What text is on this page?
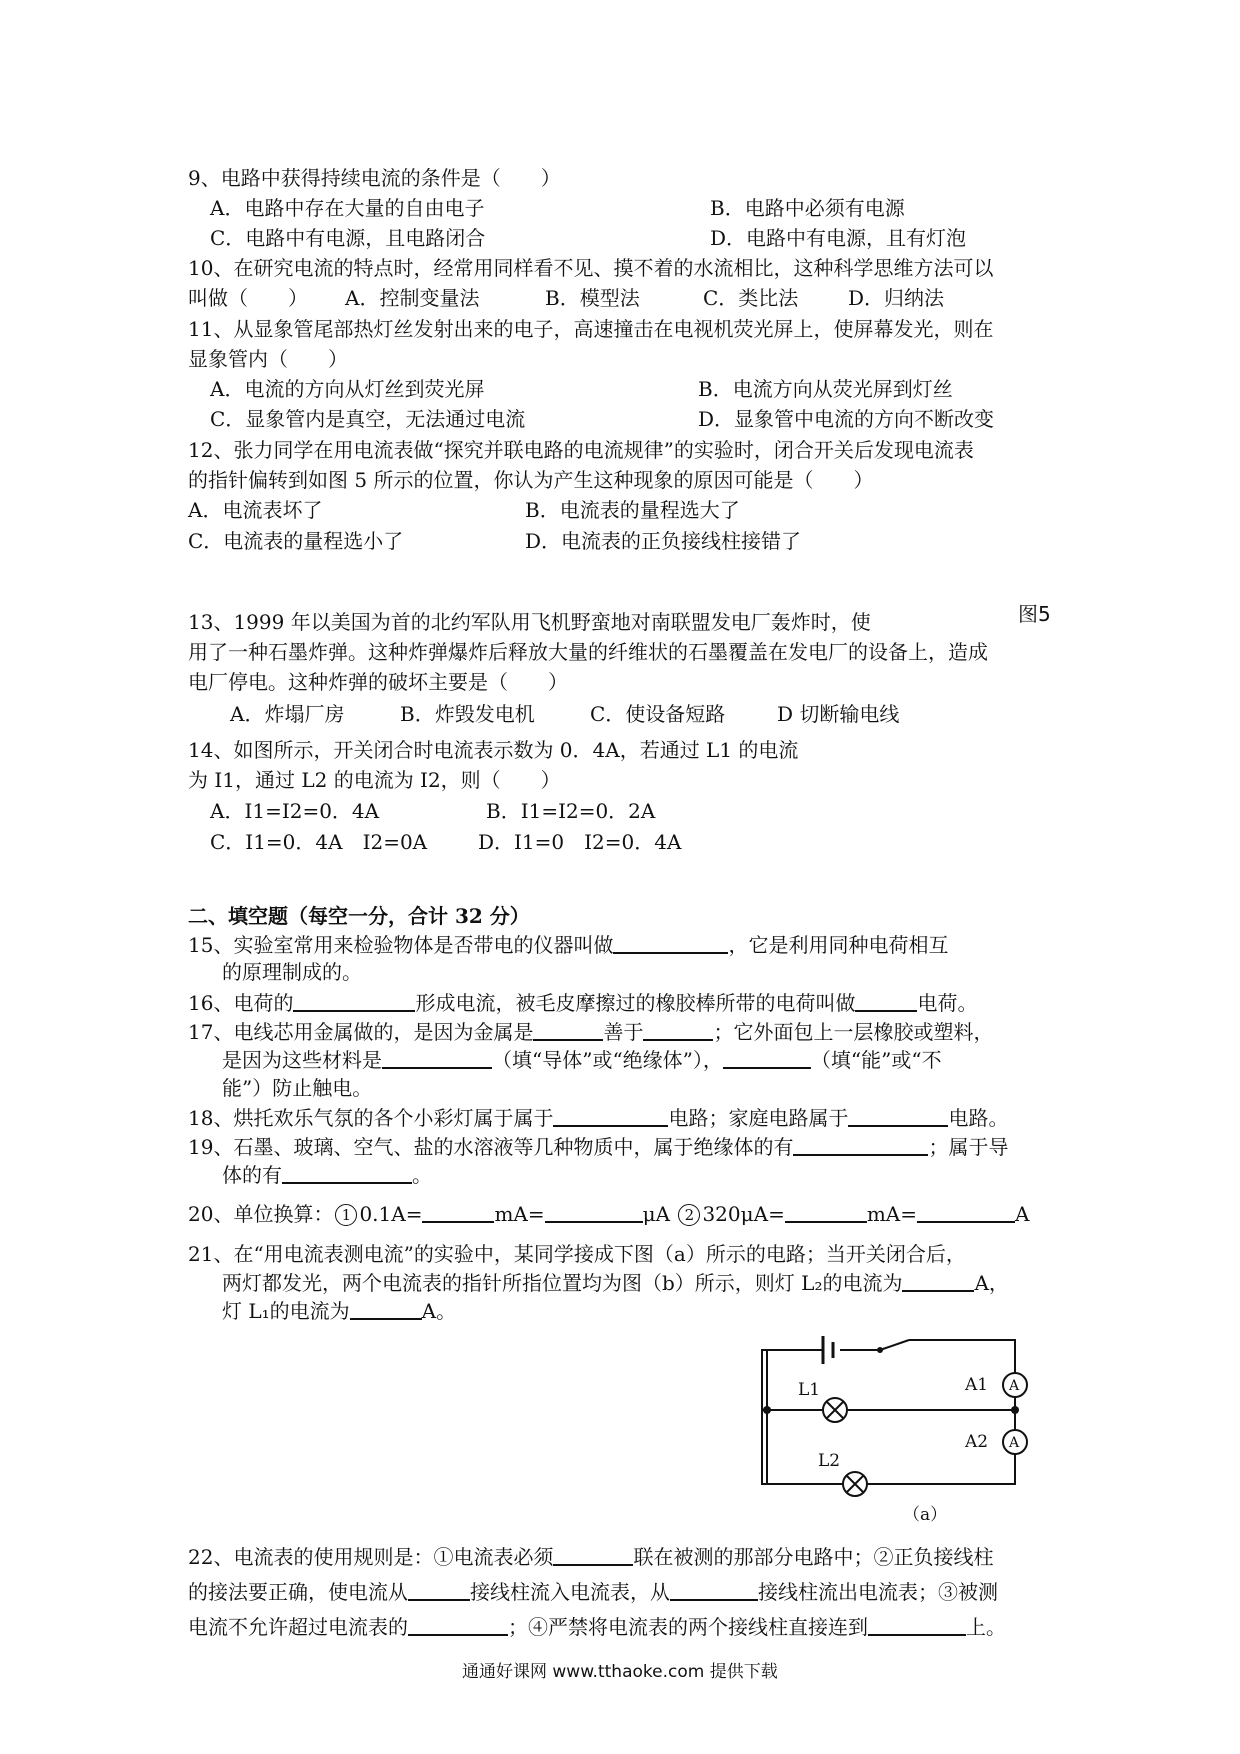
9、电路中获得持续电流的条件是（　　）
A．电路中存在大量的自由电子	B．电路中必须有电源
C．电路中有电源，且电路闭合	D．电路中有电源，且有灯泡
10、在研究电流的特点时，经常用同样看不见、摸不着的水流相比，这种科学思维方法可以
叫做（　　） A．控制变量法	B．模型法	C．类比法 D．归纳法
11、从显象管尾部热灯丝发射出来的电子，高速撞击在电视机荧光屏上，使屏幕发光，则在
显象管内（　　）
A．电流的方向从灯丝到荧光屏	B．电流方向从荧光屏到灯丝
C．显象管内是真空，无法通过电流	D．显象管中电流的方向不断改变
12、张力同学在用电流表做“探究并联电路的电流规律”的实验时，闭合开关后发现电流表
的指针偏转到如图 5 所示的位置，你认为产生这种现象的原因可能是（　　）
A．电流表坏了	B．电流表的量程选大了
C．电流表的量程选小了	D．电流表的正负接线柱接错了
图5
13、1999 年以美国为首的北约军队用飞机野蛮地对南联盟发电厂轰炸时，使
用了一种石墨炸弹。这种炸弹爆炸后释放大量的纤维状的石墨覆盖在发电厂的设备上，造成
电厂停电。这种炸弹的破坏主要是（　　）
A．炸塌厂房	B．炸毁发电机	C．使设备短路	D 切断输电线
14、如图所示，开关闭合时电流表示数为 0．4A，若通过 L1 的电流
为 I1，通过 L2 的电流为 I2，则（　　）
A．I1=I2=0．4A	B．I1=I2=0．2A
C．I1=0．4A　I2=0A	D．I1=0　I2=0．4A
二、填空题（每空一分，合计 32 分）
15、实验室常用来检验物体是否带电的仪器叫做	，它是利用同种电荷相互
的原理制成的。
16、电荷的	形成电流，被毛皮摩擦过的橡胶棒所带的电荷叫做	电荷。
17、电线芯用金属做的，是因为金属是	善于	；它外面包上一层橡胶或塑料，
是因为这些材料是	（填“导体”或“绝缘体”），	（填“能”或“不
能”）防止触电。
18、烘托欢乐气氛的各个小彩灯属于属于	电路；家庭电路属于	电路。
19、石墨、玻璃、空气、盐的水溶液等几种物质中，属于绝缘体的有	；属于导
体的有	。
20、单位换算： 1 0.1A=	mA=	μA 2 320μA=	mA=	A
21、在“用电流表测电流”的实验中，某同学接成下图（a）所示的电路；当开关闭合后，
两灯都发光，两个电流表的指针所指位置均为图（b）所示，则灯 L₂的电流为	A，
灯 L₁的电流为	A。
A
A
L1
L2
A1
A2
（a）
22、电流表的使用规则是：①电流表必须	联在被测的那部分电路中；②正负接线柱
的接法要正确，使电流从	接线柱流入电流表，从	接线柱流出电流表；③被测
电流不允许超过电流表的	；④严禁将电流表的两个接线柱直接连到	上。
通通好课网 www.tthaoke.com 提供下载
